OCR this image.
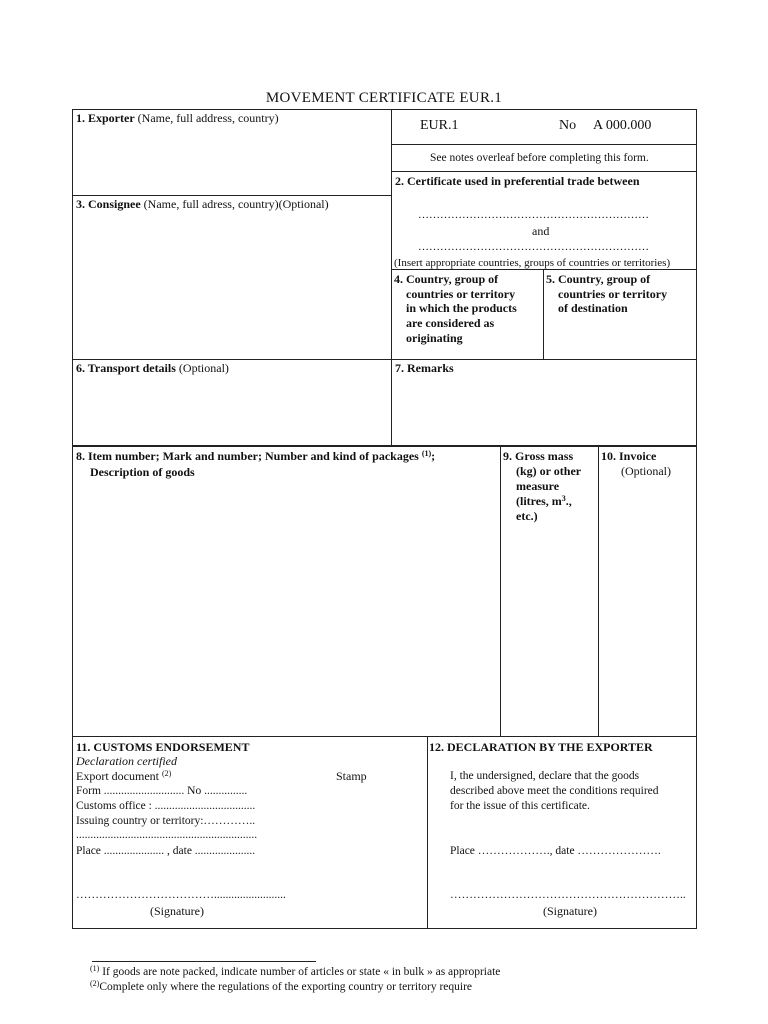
MOVEMENT CERTIFICATE EUR.1
1. Exporter (Name, full address, country)	EUR.1	No A 000.000
See notes overleaf before completing this form.
2. Certificate used in preferential trade between
………………………………………………………
and
………………………………………………………
(Insert appropriate countries, groups of countries or territories)
3. Consignee (Name, full adress, country)(Optional)
4. Country, group of
countries or territory
in which the products
are considered as
originating
5. Country, group of
countries or territory
of destination
6. Transport details (Optional)	7. Remarks
8. Item number; Mark and number; Number and kind of packages $^{(1)}$;
Description of goods
9. Gross mass
(kg) or other
measure
(litres, $m^3$.,
etc.)
10. Invoice
(Optional)
11. CUSTOMS ENDORSEMENT
Declaration certified
Export document $^{(2)}$	Stamp
Form ............................ No ...............
Customs office : ...................................
Issuing country or territory:…………..
...............................................................
Place ..................... , date .....................
……………………………….........................
(Signature)
12. DECLARATION BY THE EXPORTER
I, the undersigned, declare that the goods
described above meet the conditions required
for the issue of this certificate.
Place ………………., date ………………….
……………………………………………………..
(Signature)
$^{(1)}$ If goods are note packed, indicate number of articles or state « in bulk » as appropriate
$^{(2)}$Complete only where the regulations of the exporting country or territory require
